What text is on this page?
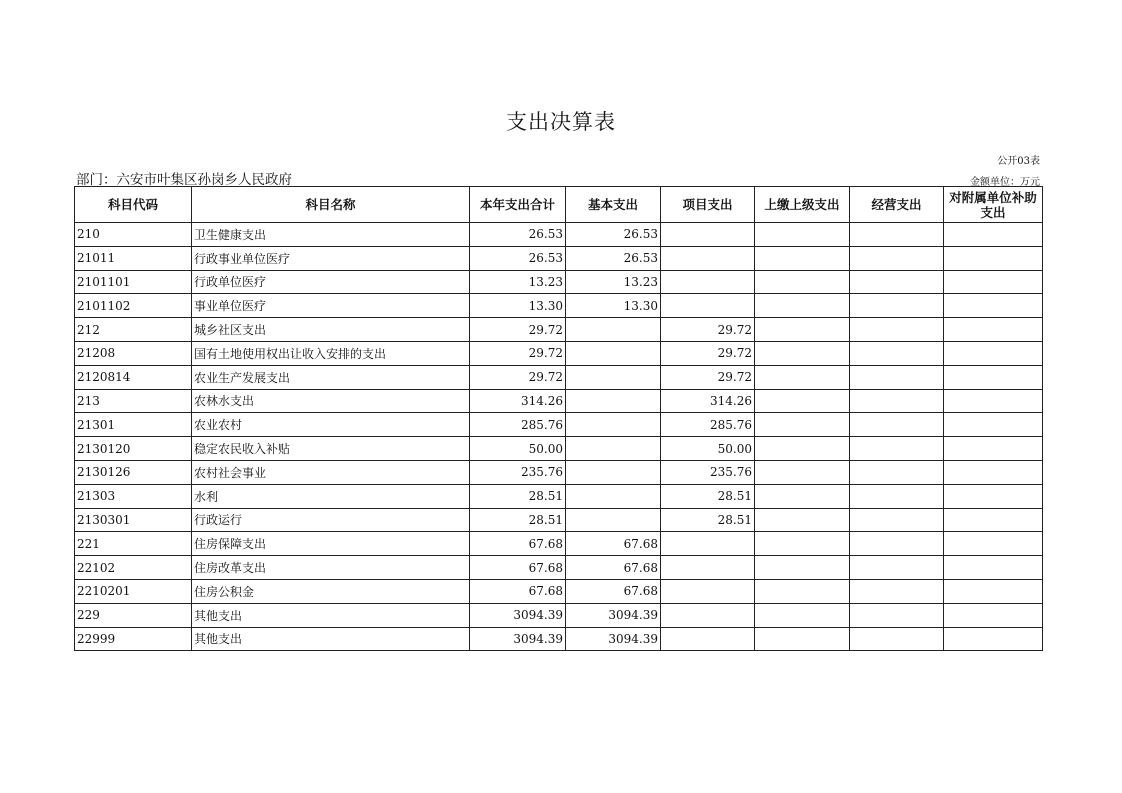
支出决算表
公开03表
部门：六安市叶集区孙岗乡人民政府	金额单位：万元
科目代码	科目名称	本年支出合计	基本支出	项目支出	上缴上级支出	经营支出	对附属单位补助支出
210	卫生健康支出	26.53	26.53				
21011	行政事业单位医疗	26.53	26.53				
2101101	行政单位医疗	13.23	13.23				
2101102	事业单位医疗	13.30	13.30				
212	城乡社区支出	29.72		29.72			
21208	国有土地使用权出让收入安排的支出	29.72		29.72			
2120814	农业生产发展支出	29.72		29.72			
213	农林水支出	314.26		314.26			
21301	农业农村	285.76		285.76			
2130120	稳定农民收入补贴	50.00		50.00			
2130126	农村社会事业	235.76		235.76			
21303	水利	28.51		28.51			
2130301	行政运行	28.51		28.51			
221	住房保障支出	67.68	67.68				
22102	住房改革支出	67.68	67.68				
2210201	住房公积金	67.68	67.68				
229	其他支出	3094.39	3094.39				
22999	其他支出	3094.39	3094.39				
